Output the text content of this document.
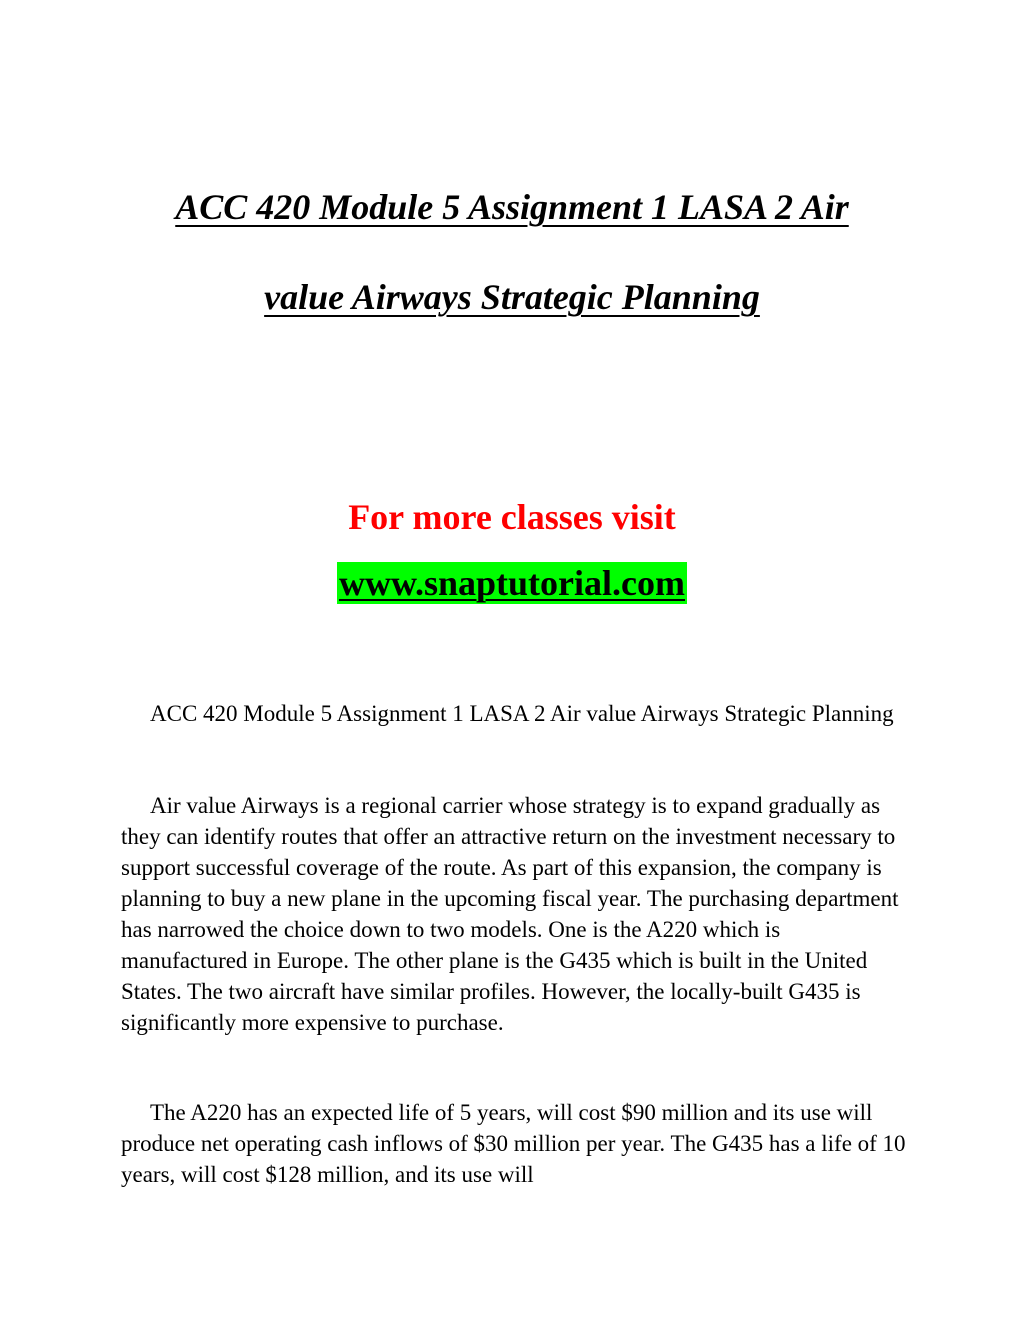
ACC 420 Module 5 Assignment 1 LASA 2 Air
value Airways Strategic Planning
For more classes visit
www.snaptutorial.com

ACC 420 Module 5 Assignment 1 LASA 2 Air value Airways Strategic Planning

Air value Airways is a regional carrier whose strategy is to expand gradually as they can identify routes that offer an attractive return on the investment necessary to support successful coverage of the route. As part of this expansion, the company is planning to buy a new plane in the upcoming fiscal year. The purchasing department has narrowed the choice down to two models. One is the A220 which is manufactured in Europe. The other plane is the G435 which is built in the United States. The two aircraft have similar profiles. However, the locally-built G435 is significantly more expensive to purchase.

The A220 has an expected life of 5 years, will cost $90 million and its use will produce net operating cash inflows of $30 million per year. The G435 has a life of 10 years, will cost $128 million, and its use will
